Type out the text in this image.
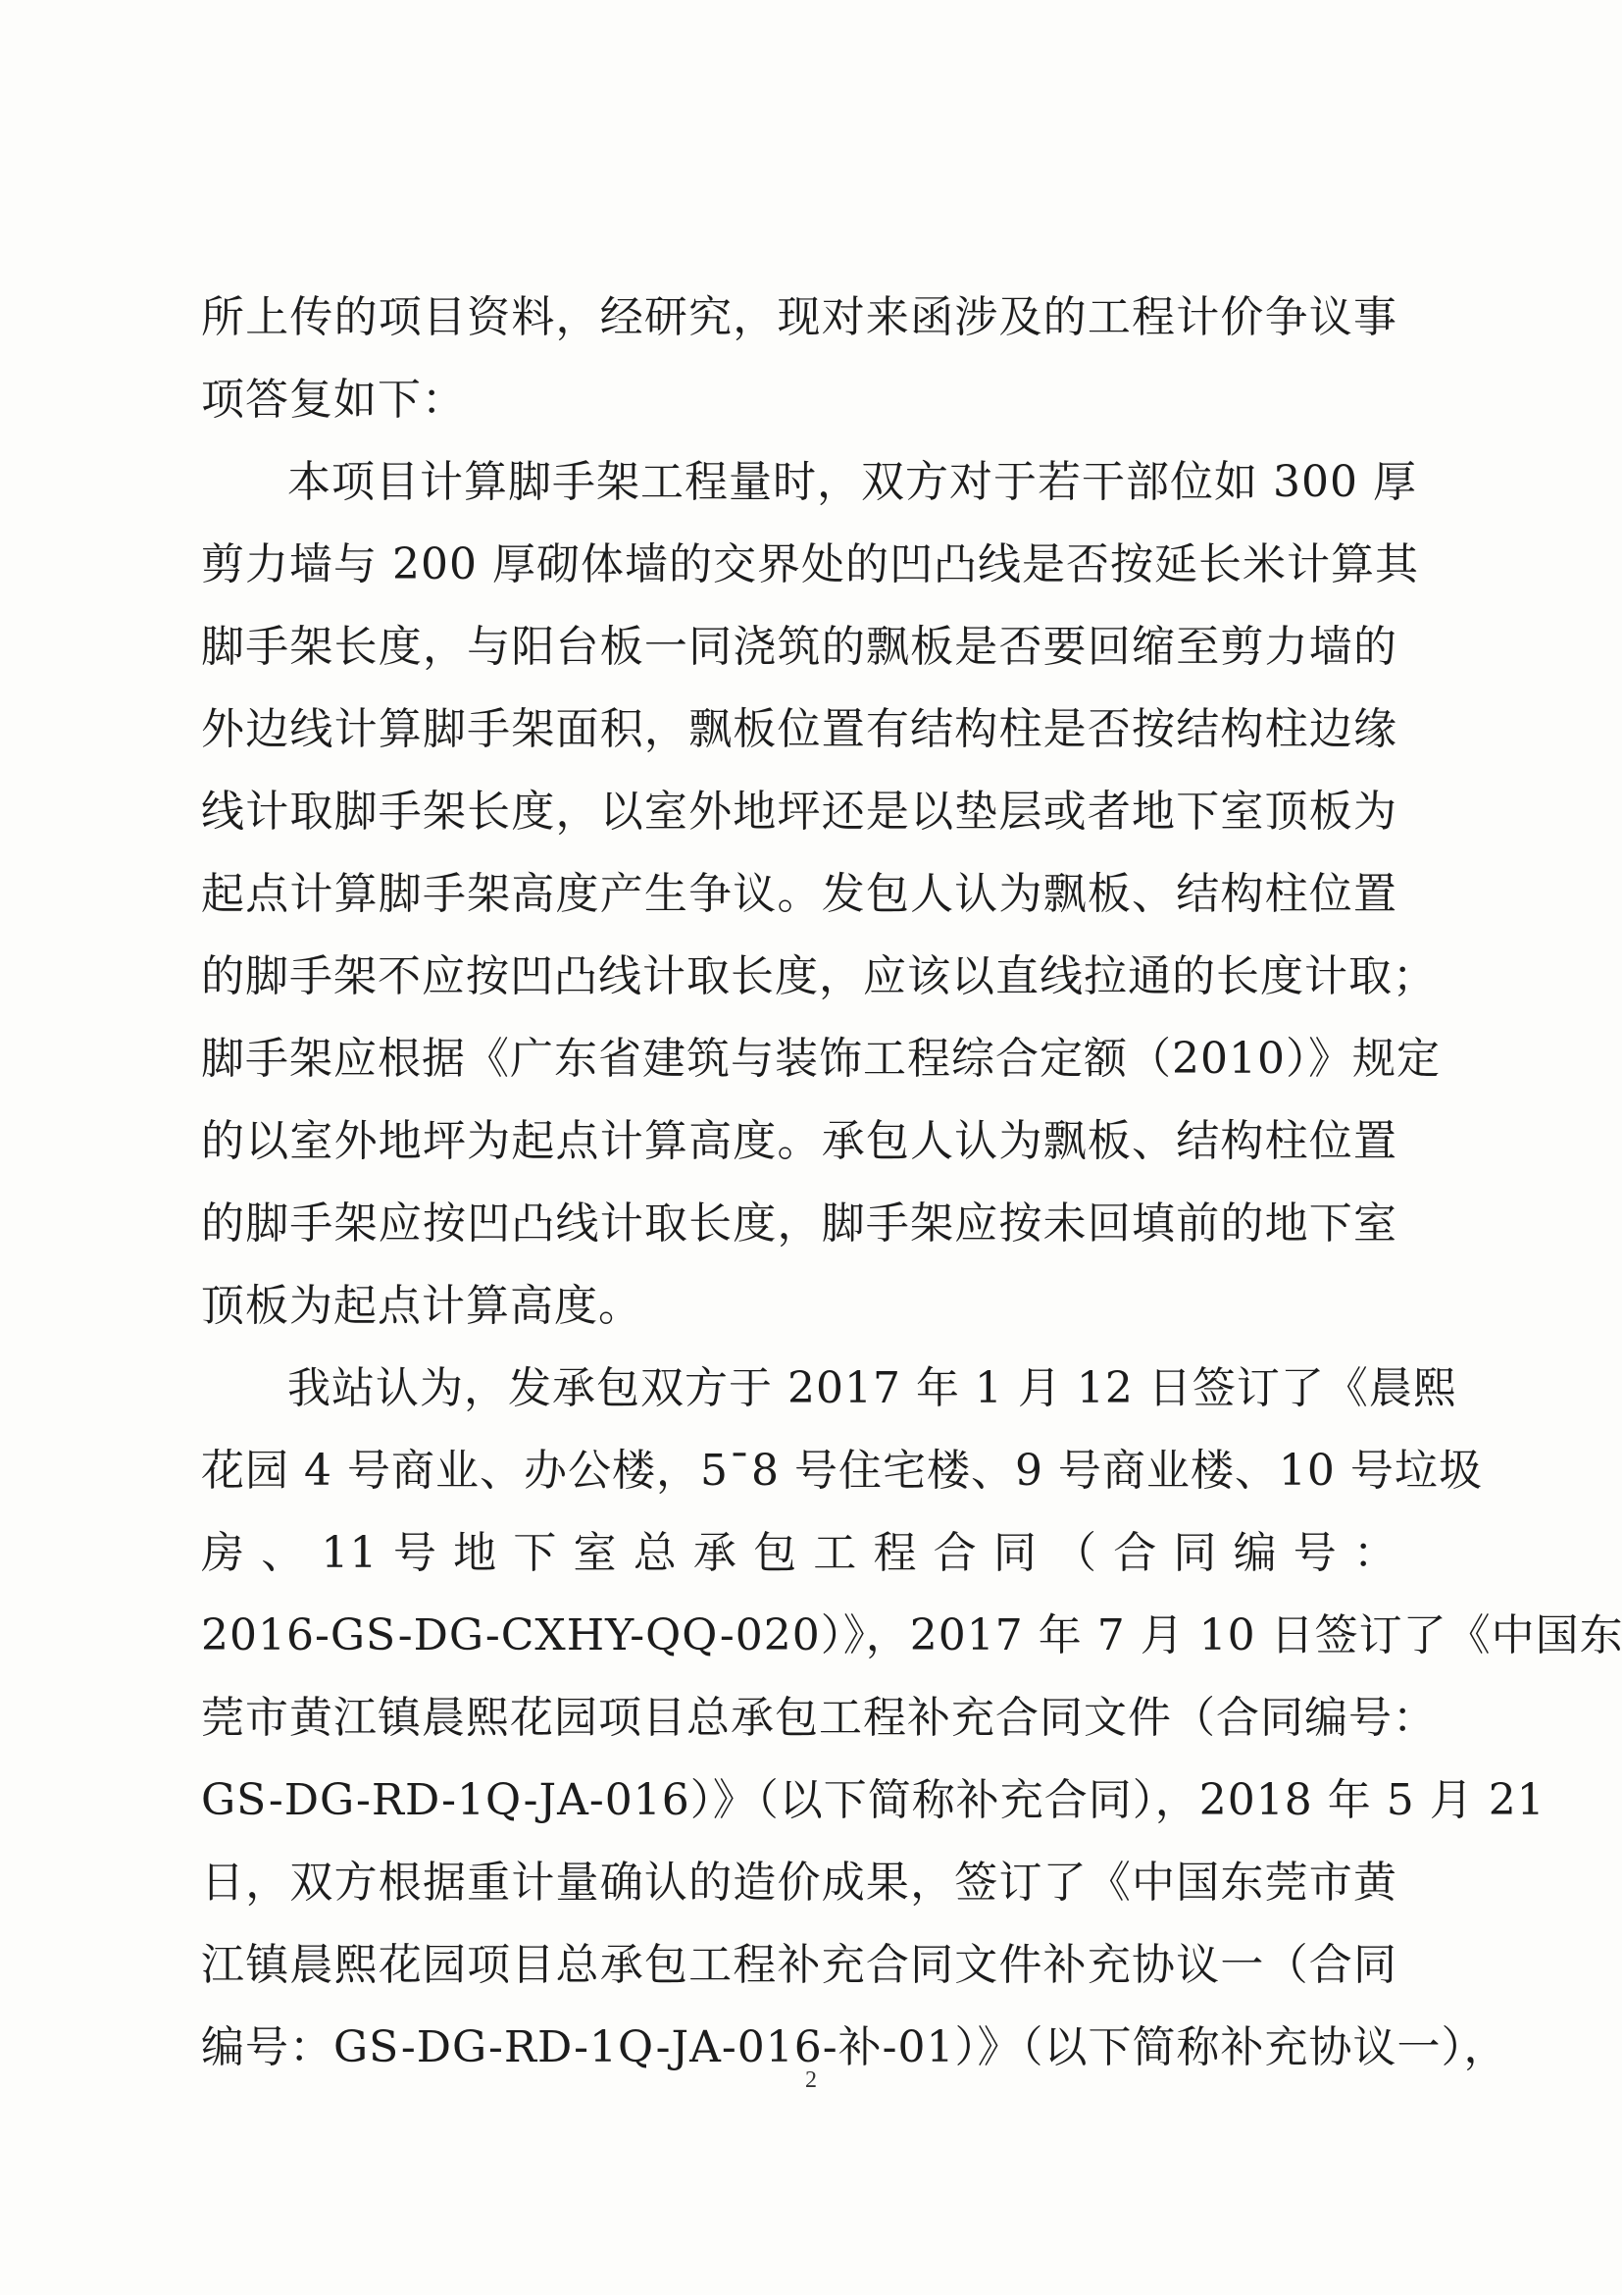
所上传的项目资料，经研究，现对来函涉及的工程计价争议事
项答复如下：
本项目计算脚手架工程量时，双方对于若干部位如 300 厚
剪力墙与 200 厚砌体墙的交界处的凹凸线是否按延长米计算其
脚手架长度，与阳台板一同浇筑的飘板是否要回缩至剪力墙的
外边线计算脚手架面积，飘板位置有结构柱是否按结构柱边缘
线计取脚手架长度，以室外地坪还是以垫层或者地下室顶板为
起点计算脚手架高度产生争议。发包人认为飘板、结构柱位置
的脚手架不应按凹凸线计取长度，应该以直线拉通的长度计取；
脚手架应根据《广东省建筑与装饰工程综合定额（2010）》规定
的以室外地坪为起点计算高度。承包人认为飘板、结构柱位置
的脚手架应按凹凸线计取长度，脚手架应按未回填前的地下室
顶板为起点计算高度。
我站认为，发承包双方于 2017 年 1 月 12 日签订了《晨熙
花园 4 号商业、办公楼，5¯8 号住宅楼、9 号商业楼、10 号垃圾
房 、 11 号 地 下 室 总 承 包 工 程 合 同 （ 合 同 编 号 ：
2016-GS-DG-CXHY-QQ-020）》，2017 年 7 月 10 日签订了《中国东
莞市黄江镇晨熙花园项目总承包工程补充合同文件（合同编号：
GS-DG-RD-1Q-JA-016）》（以下简称补充合同），2018 年 5 月 21
日，双方根据重计量确认的造价成果，签订了《中国东莞市黄
江镇晨熙花园项目总承包工程补充合同文件补充协议一（合同
编号：GS-DG-RD-1Q-JA-016-补-01）》（以下简称补充协议一），
2
